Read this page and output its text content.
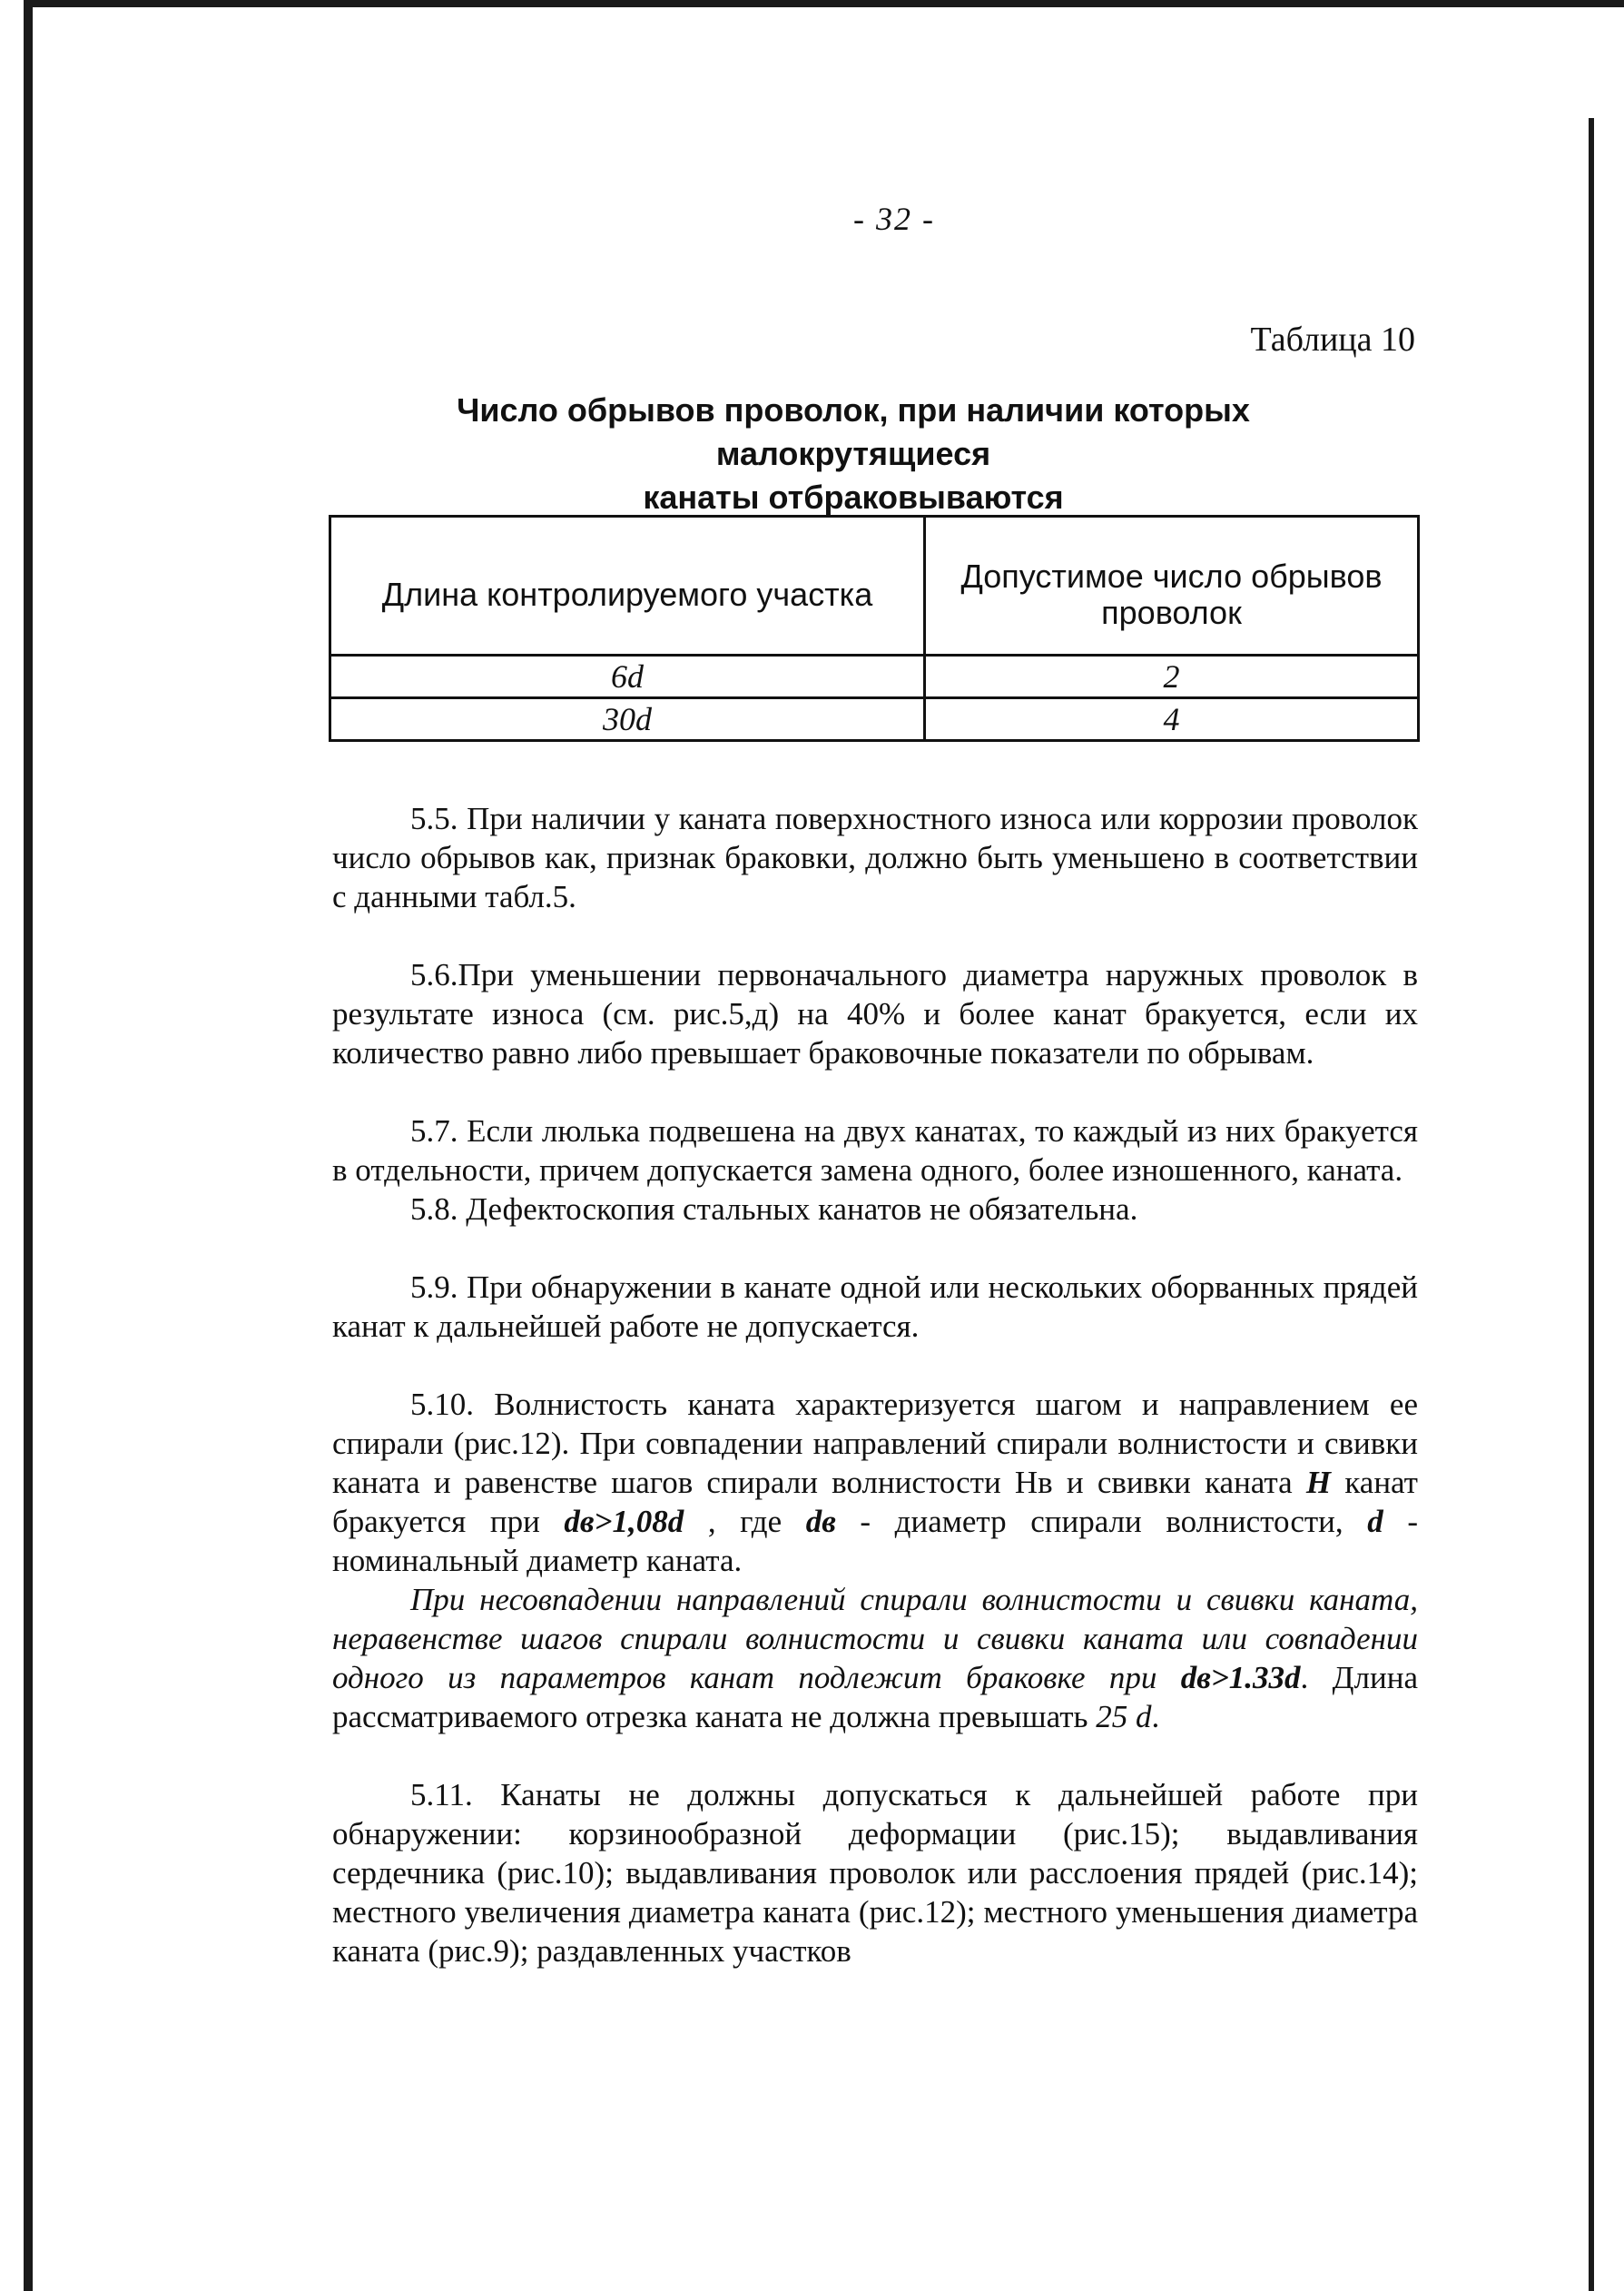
- 32 -
Таблица 10
Число обрывов проволок, при наличии которых малокрутящиеся
канаты отбраковываются
Длина контролируемого участка	Допустимое число обрывов проволок
6d	2
30d	4

5.5. При наличии у каната поверхностного износа или коррозии проволок число обрывов как, признак браковки, должно быть уменьшено в соответствии с данными табл.5.

5.6.При уменьшении первоначального диаметра наружных проволок в результате износа (см. рис.5,д) на 40% и более канат бракуется, если их количество равно либо превышает браковочные показатели по обрывам.

5.7. Если люлька подвешена на двух канатах, то каждый из них бракуется в отдельности, причем допускается замена одного, более изношенного, каната.

5.8. Дефектоскопия стальных канатов не обязательна.

5.9. При обнаружении в канате одной или нескольких оборванных прядей канат к дальнейшей работе не допускается.

5.10. Волнистость каната характеризуется шагом и направлением ее спирали (рис.12). При совпадении направлений спирали волнистости и свивки каната и равенстве шагов спирали волнистости Нв и свивки каната H канат бракуется при dв>1,08d , где dв - диаметр спирали волнистости, d - номинальный диаметр каната.

При несовпадении направлений спирали волнистости и свивки каната, неравенстве шагов спирали волнистости и свивки каната или совпадении одного из параметров канат подлежит браковке при dв>1.33d. Длина рассматриваемого отрезка каната не должна превышать 25 d.

5.11. Канаты не должны допускаться к дальнейшей работе при обнаружении: корзинообразной деформации (рис.15); выдавливания сердечника (рис.10); выдавливания проволок или расслоения прядей (рис.14); местного увеличения диаметра каната (рис.12); местного уменьшения диаметра каната (рис.9); раздавленных участков
